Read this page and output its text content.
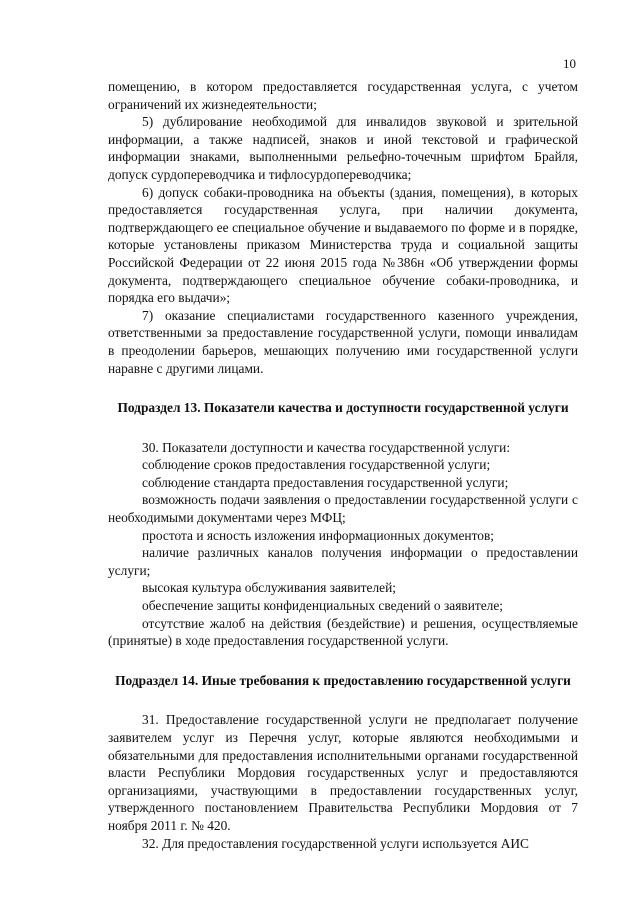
10

помещению, в котором предоставляется государственная услуга, с учетом ограничений их жизнедеятельности;

5) дублирование необходимой для инвалидов звуковой и зрительной информации, а также надписей, знаков и иной текстовой и графической информации знаками, выполненными рельефно-точечным шрифтом Брайля, допуск сурдопереводчика и тифлосурдопереводчика;

6) допуск собаки-проводника на объекты (здания, помещения), в которых предоставляется государственная услуга, при наличии документа, подтверждающего ее специальное обучение и выдаваемого по форме и в порядке, которые установлены приказом Министерства труда и социальной защиты Российской Федерации от 22 июня 2015 года №386н «Об утверждении формы документа, подтверждающего специальное обучение собаки-проводника, и порядка его выдачи»;

7) оказание специалистами государственного казенного учреждения, ответственными за предоставление государственной услуги, помощи инвалидам в преодолении барьеров, мешающих получению ими государственной услуги наравне с другими лицами.

Подраздел 13. Показатели качества и доступности государственной услуги

30. Показатели доступности и качества государственной услуги:

соблюдение сроков предоставления государственной услуги;

соблюдение стандарта предоставления государственной услуги;

возможность подачи заявления о предоставлении государственной услуги с необходимыми документами через МФЦ;

простота и ясность изложения информационных документов;

наличие различных каналов получения информации о предоставлении услуги;

высокая культура обслуживания заявителей;

обеспечение защиты конфиденциальных сведений о заявителе;

отсутствие жалоб на действия (бездействие) и решения, осуществляемые (принятые) в ходе предоставления государственной услуги.

Подраздел 14. Иные требования к предоставлению государственной услуги

31. Предоставление государственной услуги не предполагает получение заявителем услуг из Перечня услуг, которые являются необходимыми и обязательными для предоставления исполнительными органами государственной власти Республики Мордовия государственных услуг и предоставляются организациями, участвующими в предоставлении государственных услуг, утвержденного постановлением Правительства Республики Мордовия от 7 ноября 2011 г. № 420.

32. Для предоставления государственной услуги используется АИС
